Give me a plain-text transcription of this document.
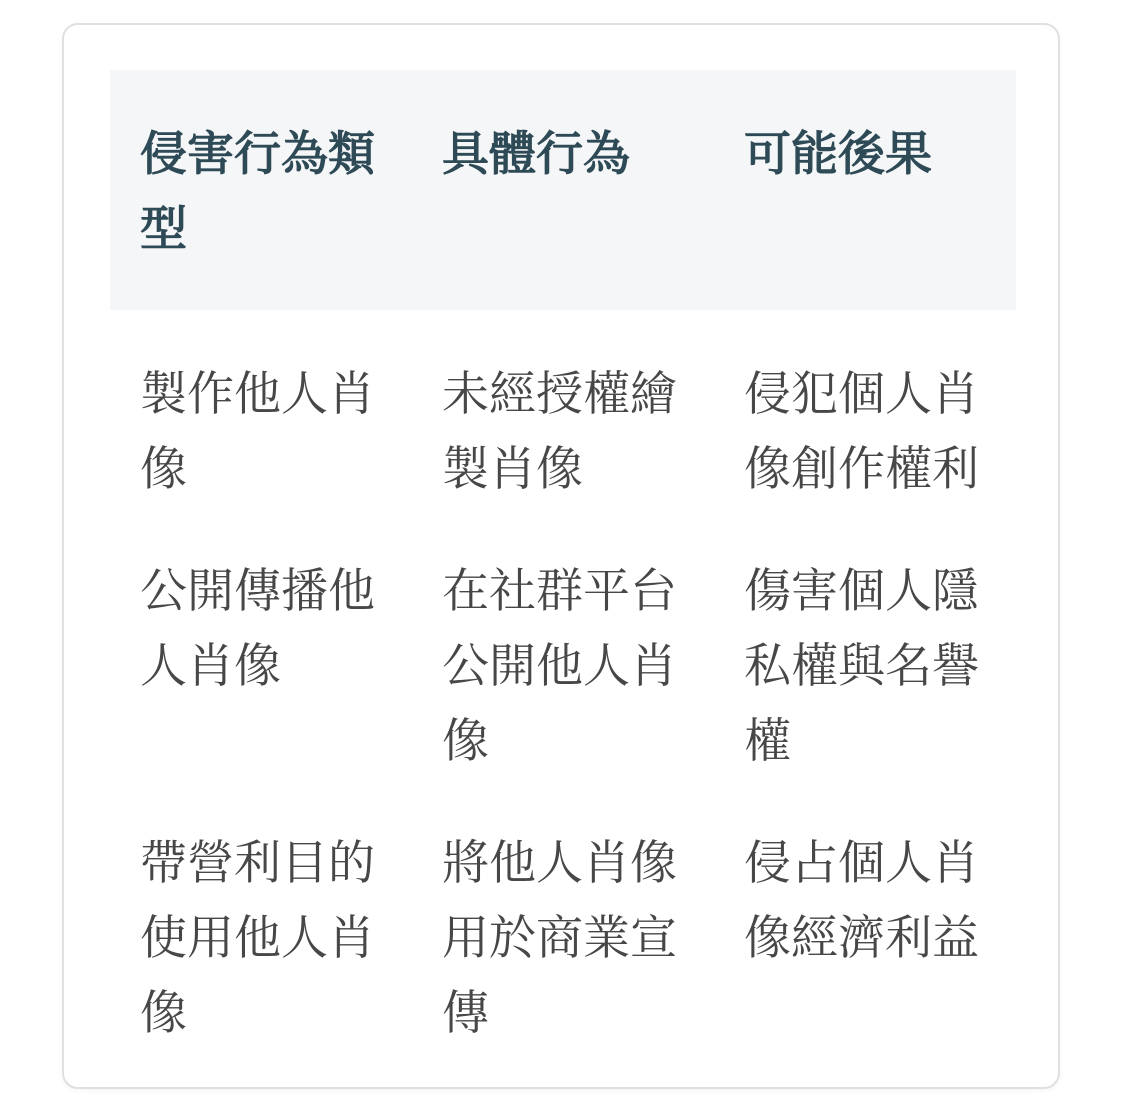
侵害行為類型	具體行為	可能後果
製作他人肖像	未經授權繪製肖像	侵犯個人肖像創作權利
公開傳播他人肖像	在社群平台公開他人肖像	傷害個人隱私權與名譽權
帶營利目的使用他人肖像	將他人肖像用於商業宣傳	侵占個人肖像經濟利益
